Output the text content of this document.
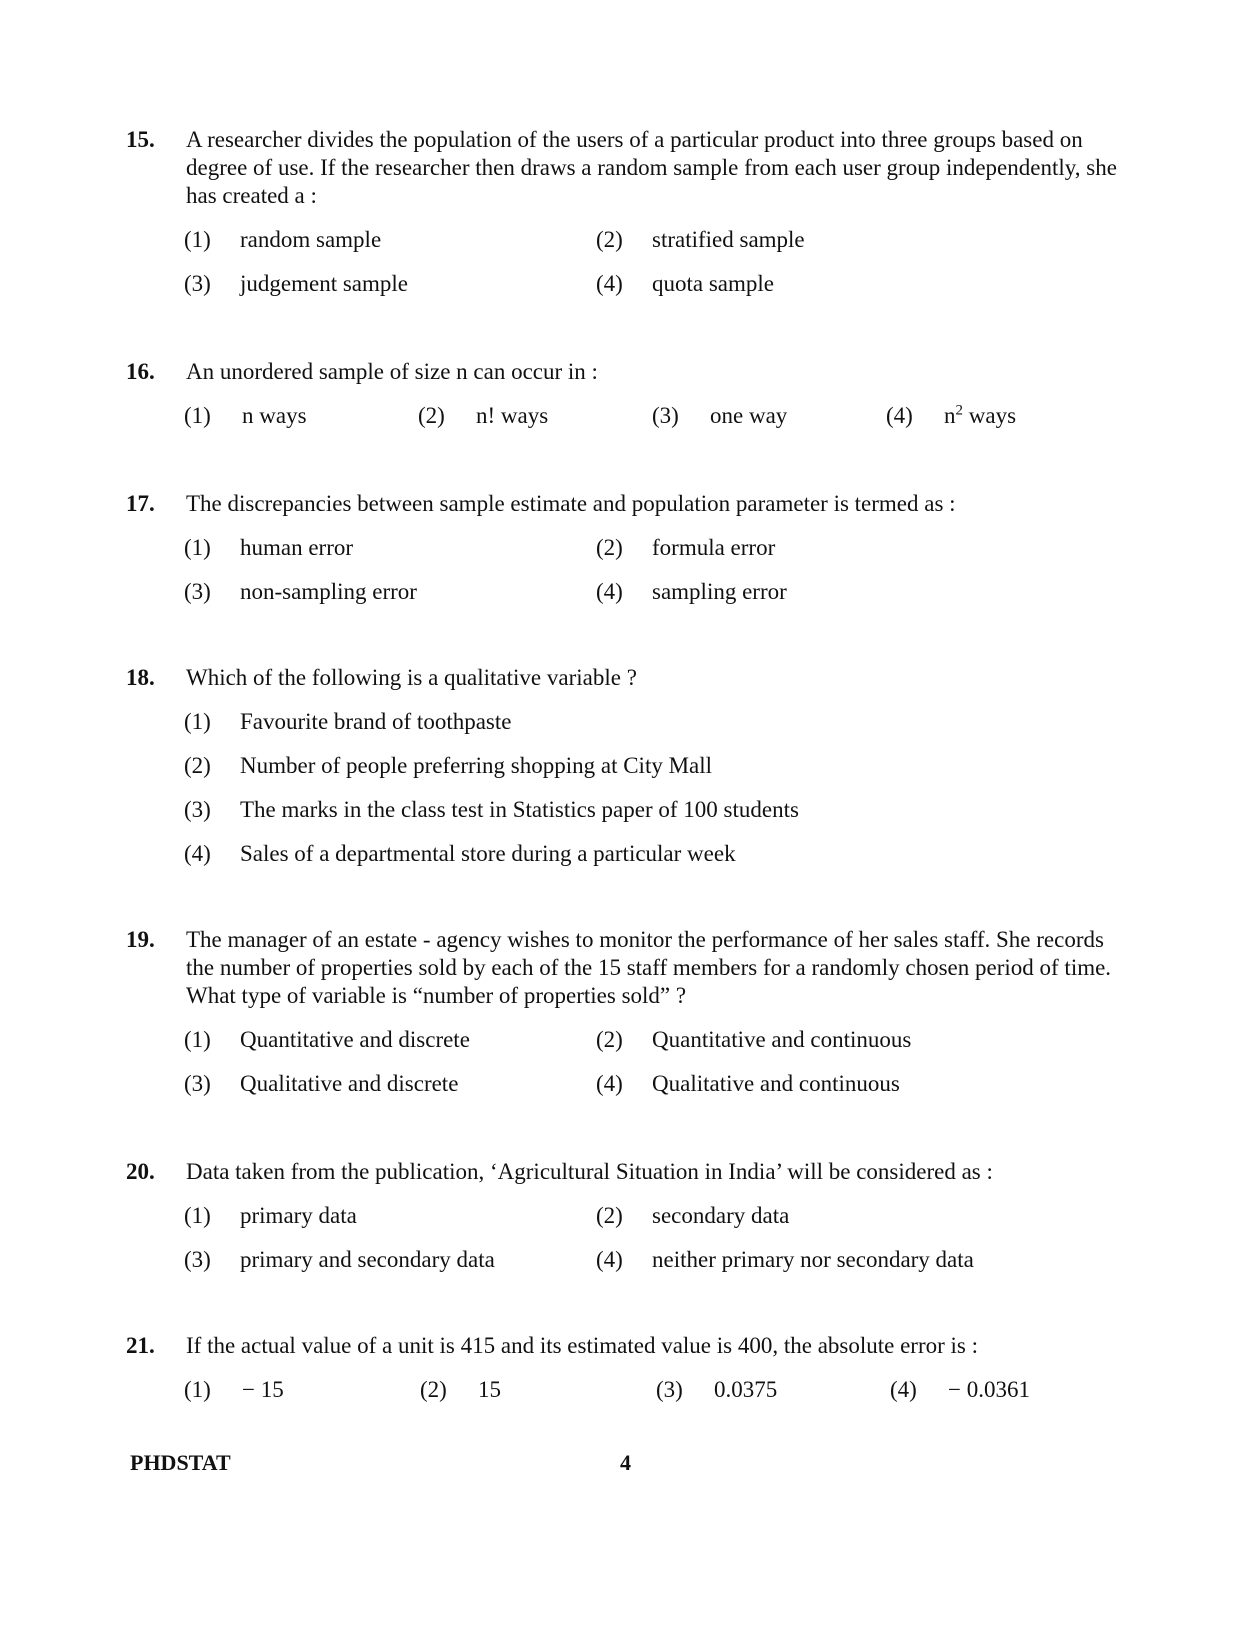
15. A researcher divides the population of the users of a particular product into three groups based on degree of use. If the researcher then draws a random sample from each user group independently, she has created a :
(1) random sample	(2) stratified sample
(3) judgement sample	(4) quota sample
16. An unordered sample of size n can occur in :
(1) n ways	(2) n! ways	(3) one way	(4) $n^2$ ways
17. The discrepancies between sample estimate and population parameter is termed as :
(1) human error	(2) formula error
(3) non-sampling error	(4) sampling error
18. Which of the following is a qualitative variable ?
(1) Favourite brand of toothpaste
(2) Number of people preferring shopping at City Mall
(3) The marks in the class test in Statistics paper of 100 students
(4) Sales of a departmental store during a particular week
19. The manager of an estate - agency wishes to monitor the performance of her sales staff. She records the number of properties sold by each of the 15 staff members for a randomly chosen period of time. What type of variable is “number of properties sold” ?
(1) Quantitative and discrete	(2) Quantitative and continuous
(3) Qualitative and discrete	(4) Qualitative and continuous
20. Data taken from the publication, ‘Agricultural Situation in India’ will be considered as :
(1) primary data	(2) secondary data
(3) primary and secondary data	(4) neither primary nor secondary data
21. If the actual value of a unit is 415 and its estimated value is 400, the absolute error is :
(1) − 15	(2) 15	(3) 0.0375	(4) − 0.0361
PHDSTAT	4
